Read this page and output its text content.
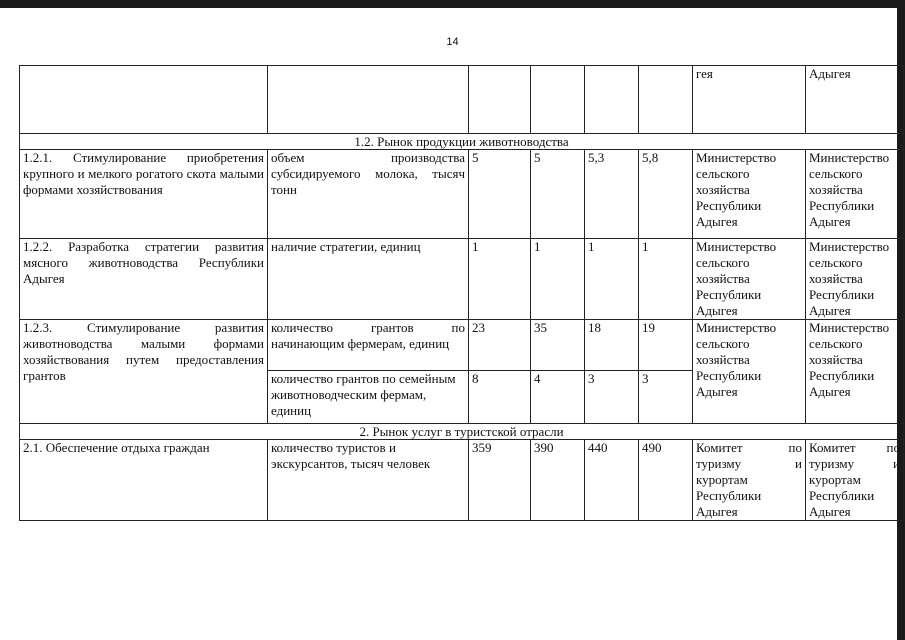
14
						гея	Адыгея
1.2. Рынок продукции животноводства							
1.2.1. Стимулирование приобретения крупного и мелкого рогатого скота малыми формами хозяйствования	объем производства субсидируемого молока, тысяч тонн	5	5	5,3	5,8	Министерство сельского хозяйства Республики Адыгея	Министерство сельского хозяйства Республики Адыгея
1.2.2. Разработка стратегии развития мясного животноводства Республики Адыгея	наличие стратегии, единиц	1	1	1	1	Министерство сельского хозяйства Республики Адыгея	Министерство сельского хозяйства Республики Адыгея
1.2.3. Стимулирование развития животноводства малыми формами хозяйствования путем предоставления грантов	количество грантов по начинающим фермерам, единиц	23	35	18	19	Министерство сельского хозяйства Республики Адыгея	Министерство сельского хозяйства Республики Адыгея
	количество грантов по семейным животноводческим фермам, единиц	8	4	3	3		
2. Рынок услуг в туристской отрасли							
2.1. Обеспечение отдыха граждан	количество туристов и экскурсантов, тысяч человек	359	390	440	490	Комитет по туризму и курортам Республики Адыгея	Комитет по туризму и курортам Республики Адыгея
